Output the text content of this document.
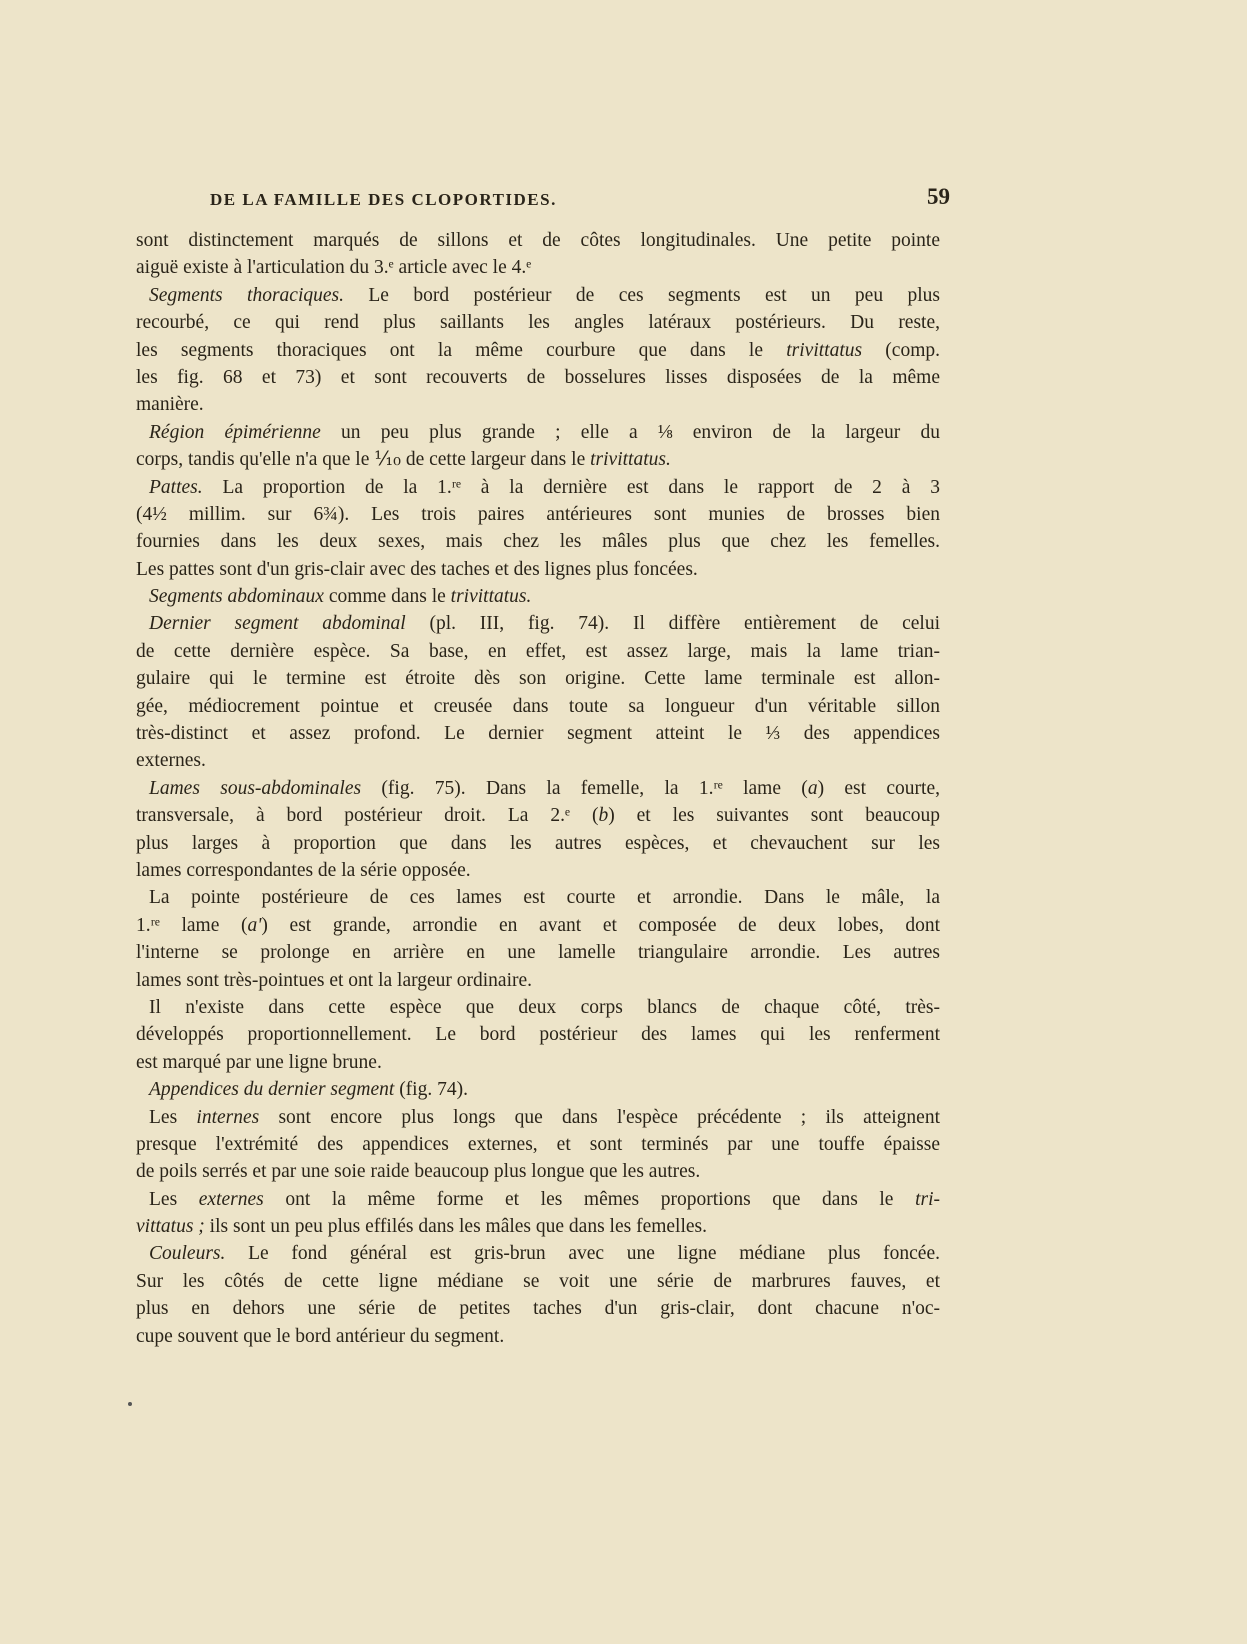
DE LA FAMILLE DES CLOPORTIDES.	59
sont distinctement marqués de sillons et de côtes longitudinales. Une petite pointe
aiguë existe à l'articulation du 3.ᵉ article avec le 4.ᵉ
Segments thoraciques. Le bord postérieur de ces segments est un peu plus
recourbé, ce qui rend plus saillants les angles latéraux postérieurs. Du reste,
les segments thoraciques ont la même courbure que dans le trivittatus (comp.
les fig. 68 et 73) et sont recouverts de bosselures lisses disposées de la même
manière.
Région épimérienne un peu plus grande ; elle a ⅛ environ de la largeur du
corps, tandis qu'elle n'a que le ⅒ de cette largeur dans le trivittatus.
Pattes. La proportion de la 1.ʳᵉ à la dernière est dans le rapport de 2 à 3
(4½ millim. sur 6¾). Les trois paires antérieures sont munies de brosses bien
fournies dans les deux sexes, mais chez les mâles plus que chez les femelles.
Les pattes sont d'un gris-clair avec des taches et des lignes plus foncées.
Segments abdominaux comme dans le trivittatus.
Dernier segment abdominal (pl. III, fig. 74). Il diffère entièrement de celui
de cette dernière espèce. Sa base, en effet, est assez large, mais la lame trian-
gulaire qui le termine est étroite dès son origine. Cette lame terminale est allon-
gée, médiocrement pointue et creusée dans toute sa longueur d'un véritable sillon
très-distinct et assez profond. Le dernier segment atteint le ⅓ des appendices
externes.
Lames sous-abdominales (fig. 75). Dans la femelle, la 1.ʳᵉ lame (a) est courte,
transversale, à bord postérieur droit. La 2.ᵉ (b) et les suivantes sont beaucoup
plus larges à proportion que dans les autres espèces, et chevauchent sur les
lames correspondantes de la série opposée.
La pointe postérieure de ces lames est courte et arrondie. Dans le mâle, la
1.ʳᵉ lame (a') est grande, arrondie en avant et composée de deux lobes, dont
l'interne se prolonge en arrière en une lamelle triangulaire arrondie. Les autres
lames sont très-pointues et ont la largeur ordinaire.
Il n'existe dans cette espèce que deux corps blancs de chaque côté, très-
développés proportionnellement. Le bord postérieur des lames qui les renferment
est marqué par une ligne brune.
Appendices du dernier segment (fig. 74).
Les internes sont encore plus longs que dans l'espèce précédente ; ils atteignent
presque l'extrémité des appendices externes, et sont terminés par une touffe épaisse
de poils serrés et par une soie raide beaucoup plus longue que les autres.
Les externes ont la même forme et les mêmes proportions que dans le tri-
vittatus ; ils sont un peu plus effilés dans les mâles que dans les femelles.
Couleurs. Le fond général est gris-brun avec une ligne médiane plus foncée.
Sur les côtés de cette ligne médiane se voit une série de marbrures fauves, et
plus en dehors une série de petites taches d'un gris-clair, dont chacune n'oc-
cupe souvent que le bord antérieur du segment.
